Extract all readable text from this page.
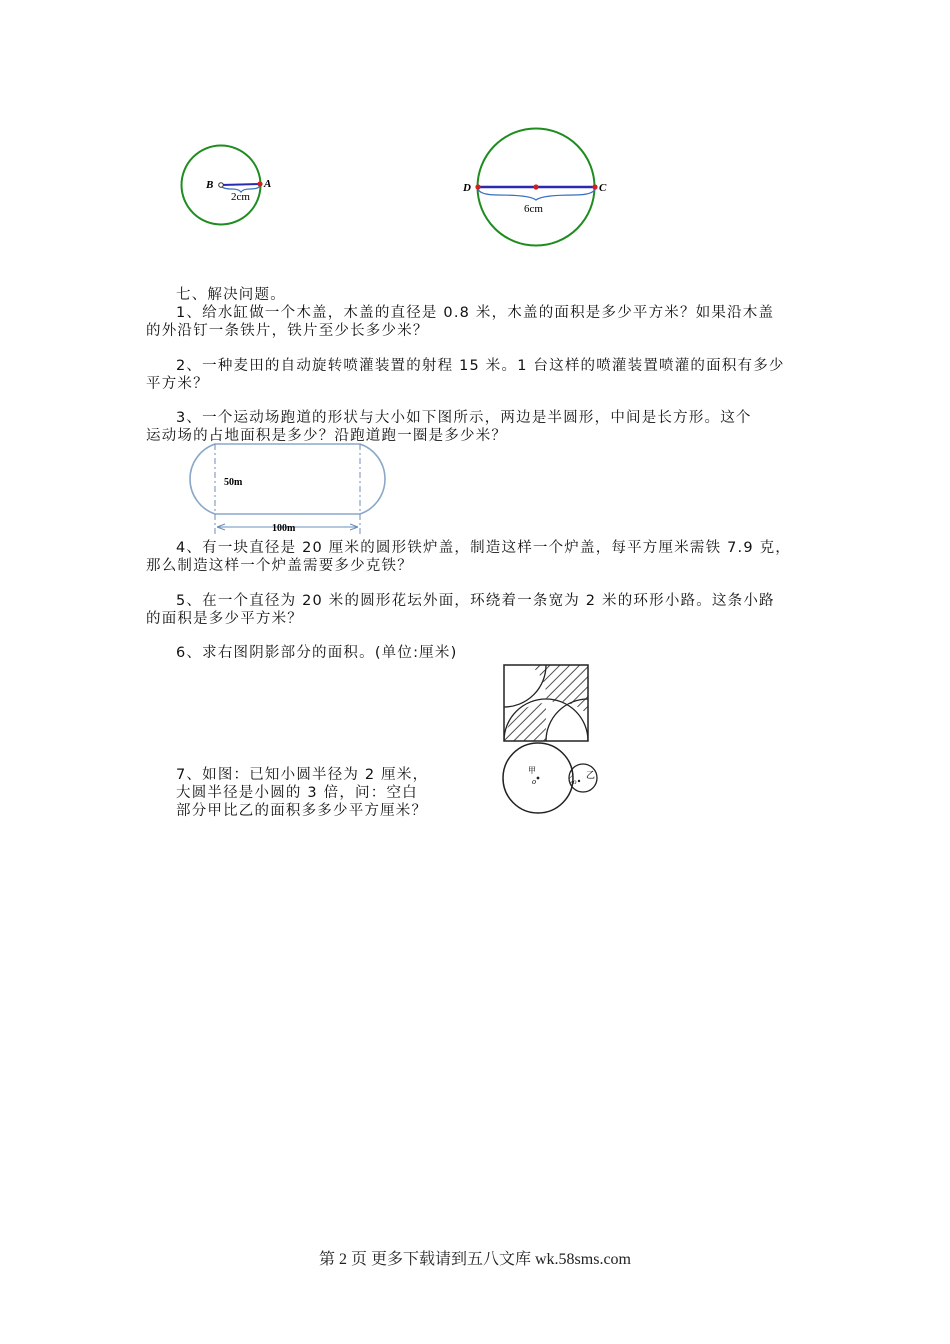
B	A
2cm
D	C
6cm
七、解决问题。
1、给水缸做一个木盖，木盖的直径是 0.8 米，木盖的面积是多少平方米？如果沿木盖
的外沿钉一条铁片，铁片至少长多少米？
2、一种麦田的自动旋转喷灌装置的射程 15 米。1 台这样的喷灌装置喷灌的面积有多少
平方米？
3、一个运动场跑道的形状与大小如下图所示，两边是半圆形，中间是长方形。这个
运动场的占地面积是多少？沿跑道跑一圈是多少米？
50m
100m
4、有一块直径是 20 厘米的圆形铁炉盖，制造这样一个炉盖，每平方厘米需铁 7.9 克，
那么制造这样一个炉盖需要多少克铁？
5、在一个直径为 20 米的圆形花坛外面，环绕着一条宽为 2 米的环形小路。这条小路
的面积是多少平方米？
6、求右图阴影部分的面积。(单位:厘米)
7、如图：已知小圆半径为 2 厘米，
大圆半径是小圆的 3 倍，问：空白
部分甲比乙的面积多多少平方厘米？
甲
o
乙
o
第 2 页 更多下载请到五八文库 wk.58sms.com
